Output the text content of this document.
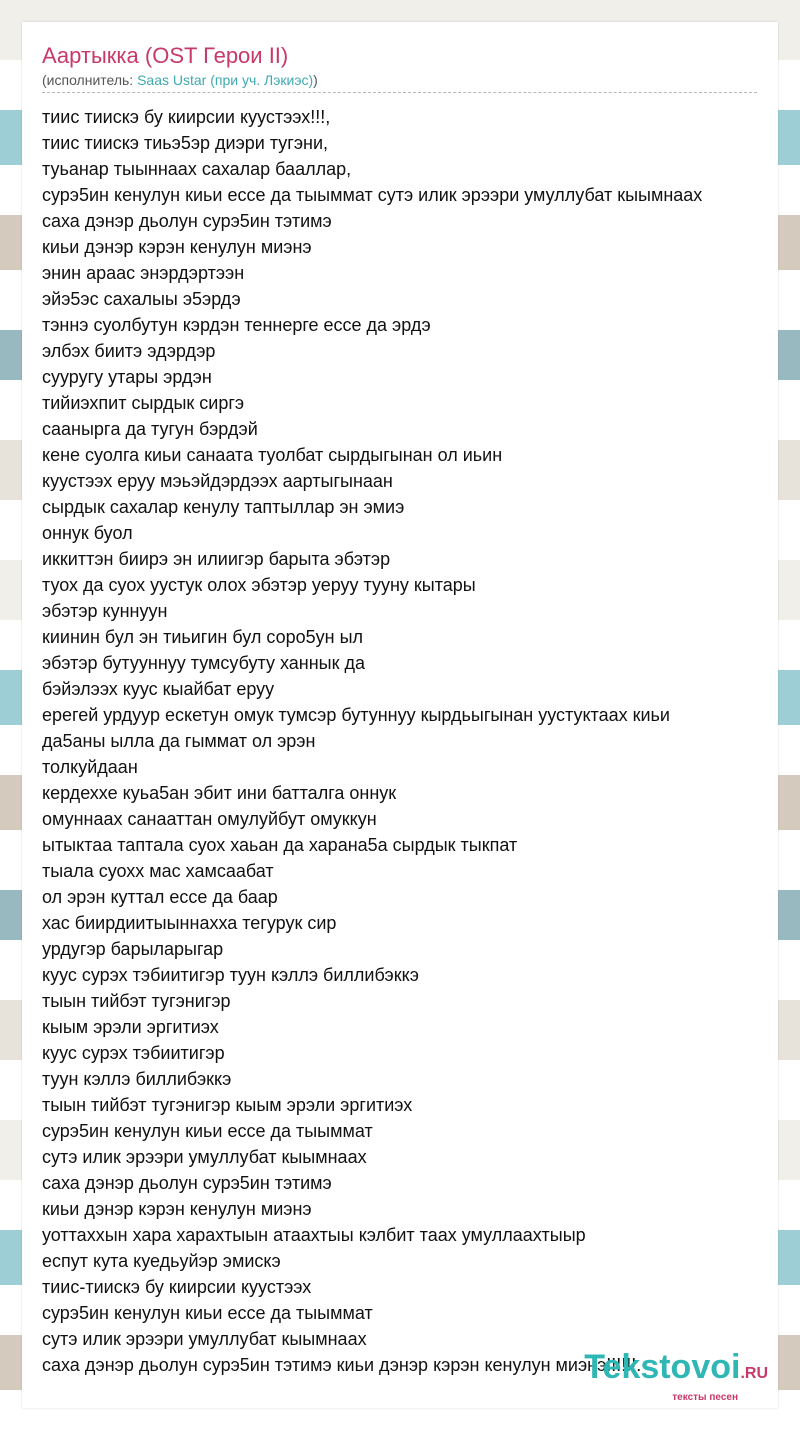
Аартыкка (OST Герои II)
(исполнитель: Saas Ustar (при уч. Лэкиэс))
тиис тиискэ бу киирсии куустээх!!!,
тиис тиискэ тиьэ5эр диэри тугэни,
туьанар тыыннаах сахалар бааллар,
сурэ5ин кенулун киьи ессе да тыыммат сутэ илик эрээри умуллубат кыымнаах
саха дэнэр дьолун сурэ5ин тэтимэ
киьи дэнэр кэрэн кенулун миэнэ
энин араас энэрдэртээн
эйэ5эс сахалыы э5эрдэ
тэннэ суолбутун кэрдэн теннерге ессе да эрдэ
элбэх биитэ эдэрдэр
сууругу утары эрдэн
тийиэхпит сырдык сиргэ
сааныргa да тугун бэрдэй
кене суолга киьи санаата туолбат сырдыгынан ол иьин
куустээх еруу мэьэйдэрдээх аартыгынаан
сырдык сахалар кенулу таптыллар эн эмиэ
оннук буол
иккиттэн биирэ эн илиигэр барыта эбэтэр
туох да суох уустук олох эбэтэр уеруу тууну кытары
эбэтэр куннуун
киинин бул эн тиьигин бул соро5ун ыл
эбэтэр бутууннуу тумсубуту ханнык да
бэйэлээх куус кыайбат еруу
ерегей урдуур ескетун омук тумсэр бутуннуу кырдьыгынан уустуктаах киьи
да5аны ылла да гыммат ол эрэн
толкуйдаан
кердеххе куьа5ан эбит ини батталга оннук
омуннаах санааттан омулуйбут омуккун
ытыктаа таптала суох хаьан да харана5а сырдык тыкпат
тыала суохх мас хамсаабат
ол эрэн куттал ессе да баар
хас биирдиитыыннахха тегурук сир
урдугэр барыларыгар
куус сурэх тэбиитигэр туун кэллэ биллибэккэ
тыын тийбэт тугэнигэр
кыым эрэли эргитиэх
куус сурэх тэбиитигэр
туун кэллэ биллибэккэ
тыын тийбэт тугэнигэр кыым эрэли эргитиэх
сурэ5ин кенулун киьи ессе да тыыммат
сутэ илик эрээри умуллубат кыымнаах
саха дэнэр дьолун сурэ5ин тэтимэ
киьи дэнэр кэрэн кенулун миэнэ
уоттаххын хара харахтыын атаахтыы кэлбит таах умуллаахтыыр
еспут кута куедьуйэр эмискэ
тиис-тиискэ бу киирсии куустээх
сурэ5ин кенулун киьи ессе да тыыммат
сутэ илик эрээри умуллубат кыымнаах
саха дэнэр дьолун сурэ5ин тэтимэ киьи дэнэр кэрэн кенулун миэнэ!!!!!!.
Tekstovoi.RU
тексты песен
